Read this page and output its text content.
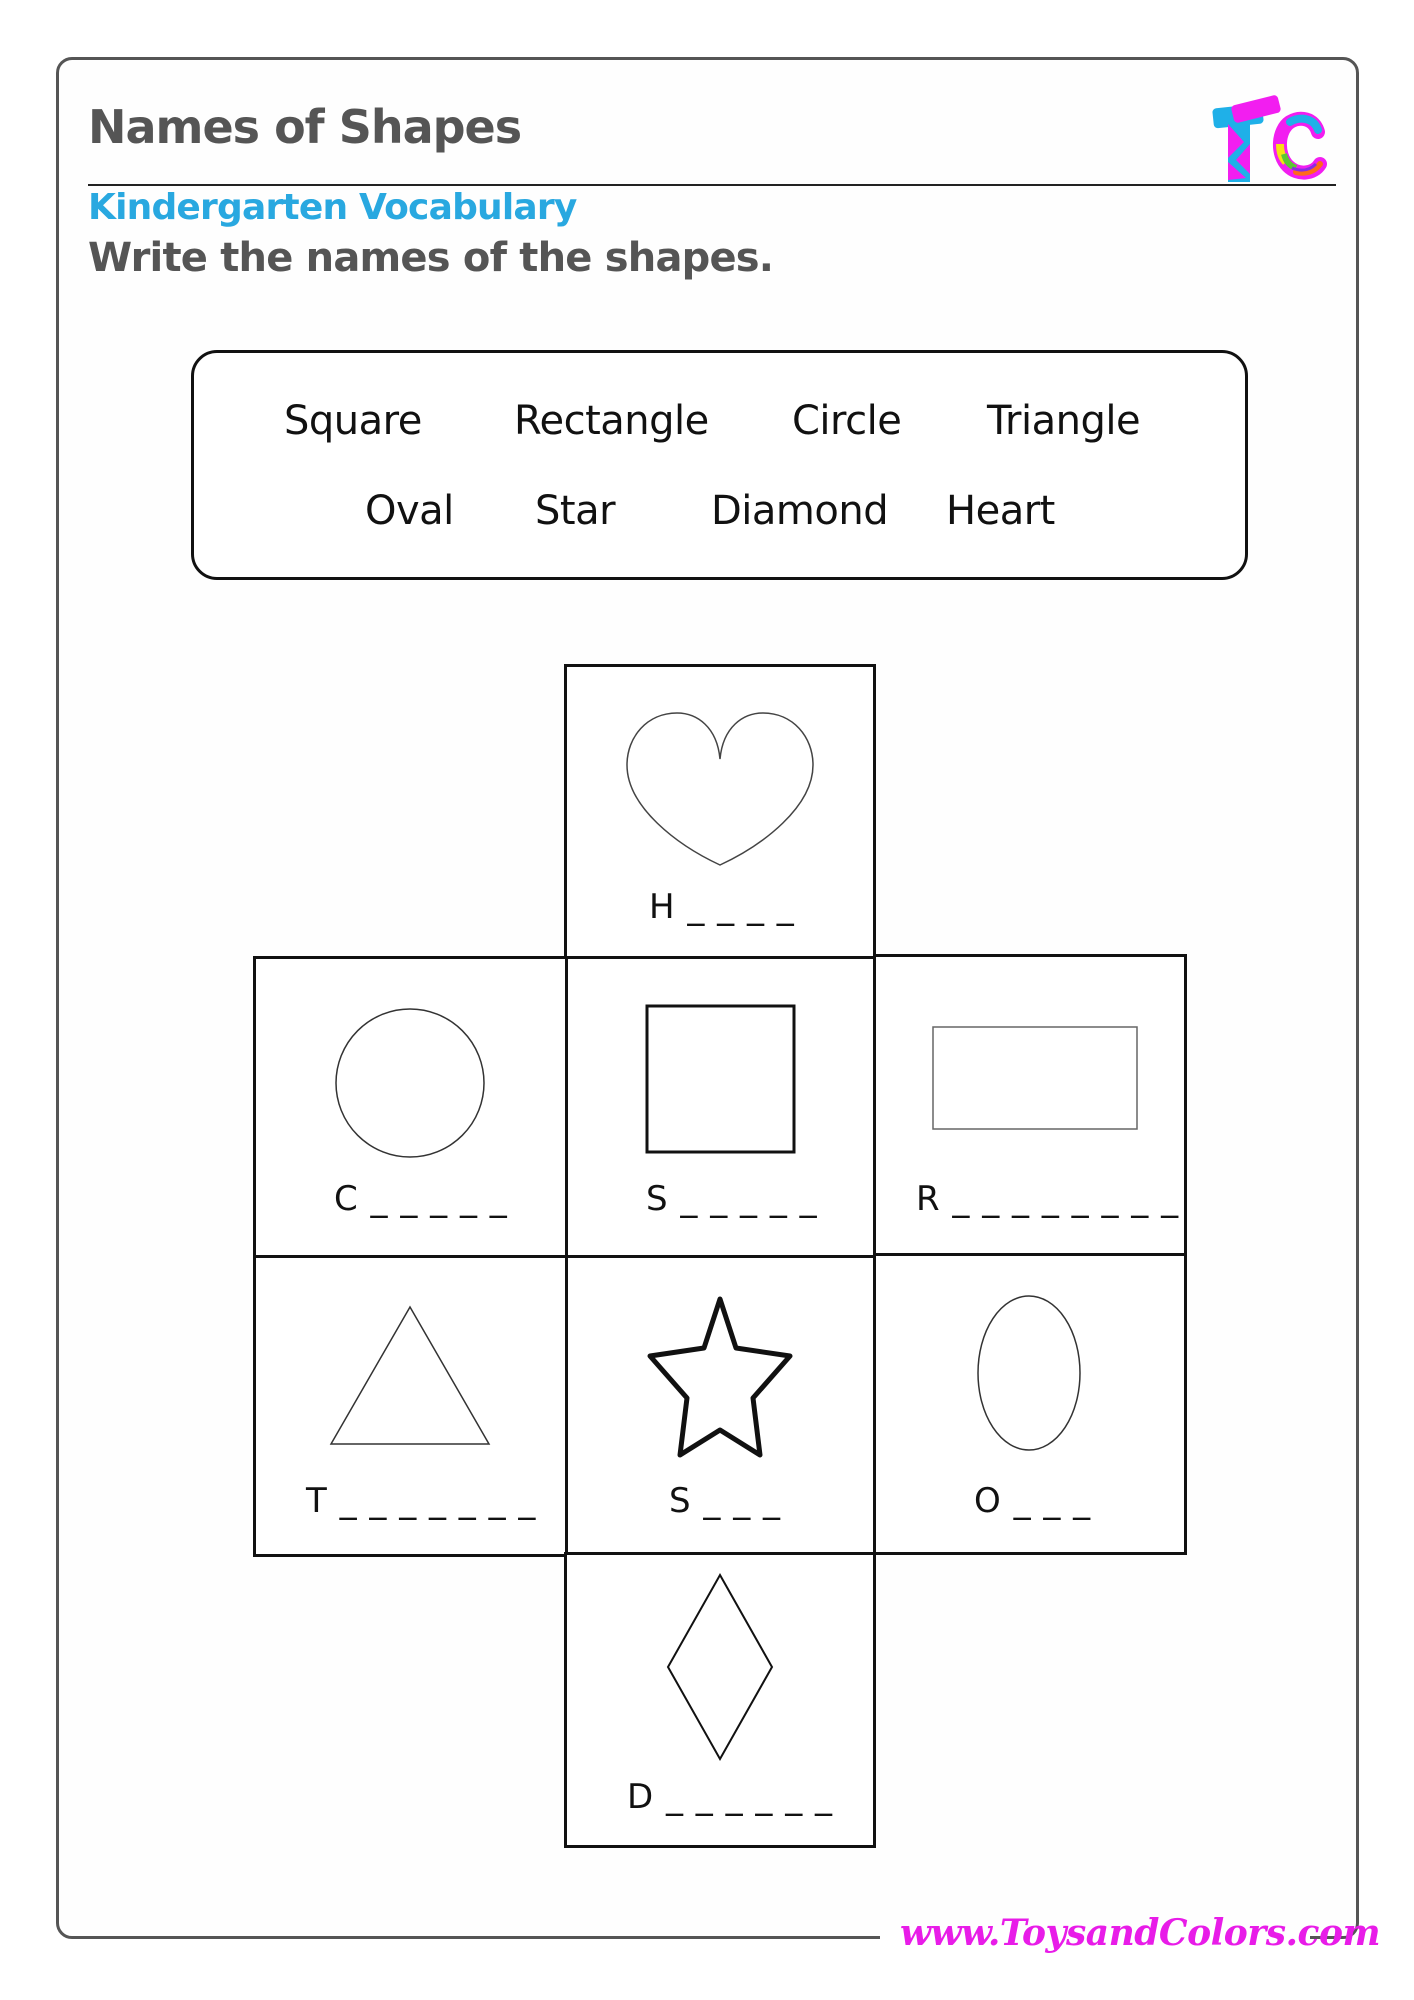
Names of Shapes
Kindergarten Vocabulary
Write the names of the shapes.
Square Rectangle Circle Triangle
Oval Star Diamond Heart
H _ _ _ _
C _ _ _ _ _	S _ _ _ _ _	R _ _ _ _ _ _ _ _
T _ _ _ _ _ _ _	S _ _ _	O _ _ _
D _ _ _ _ _ _
www.ToysandColors.com
